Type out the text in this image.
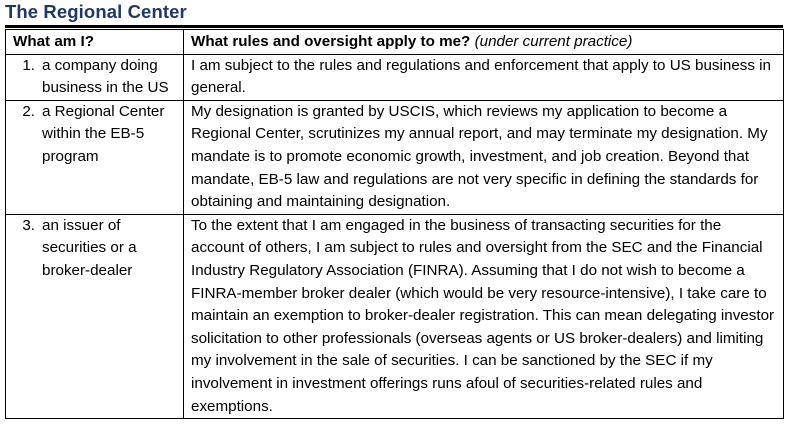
The Regional Center
What am I?	What rules and oversight apply to me? (under current practice)

1. a company doing business in the US	I am subject to the rules and regulations and enforcement that apply to US business in general.

2. a Regional Center within the EB-5 program	My designation is granted by USCIS, which reviews my application to become a Regional Center, scrutinizes my annual report, and may terminate my designation. My mandate is to promote economic growth, investment, and job creation. Beyond that mandate, EB-5 law and regulations are not very specific in defining the standards for obtaining and maintaining designation.

3. an issuer of securities or a broker-dealer	To the extent that I am engaged in the business of transacting securities for the account of others, I am subject to rules and oversight from the SEC and the Financial Industry Regulatory Association (FINRA). Assuming that I do not wish to become a FINRA-member broker dealer (which would be very resource-intensive), I take care to maintain an exemption to broker-dealer registration. This can mean delegating investor solicitation to other professionals (overseas agents or US broker-dealers) and limiting my involvement in the sale of securities. I can be sanctioned by the SEC if my involvement in investment offerings runs afoul of securities-related rules and exemptions.
